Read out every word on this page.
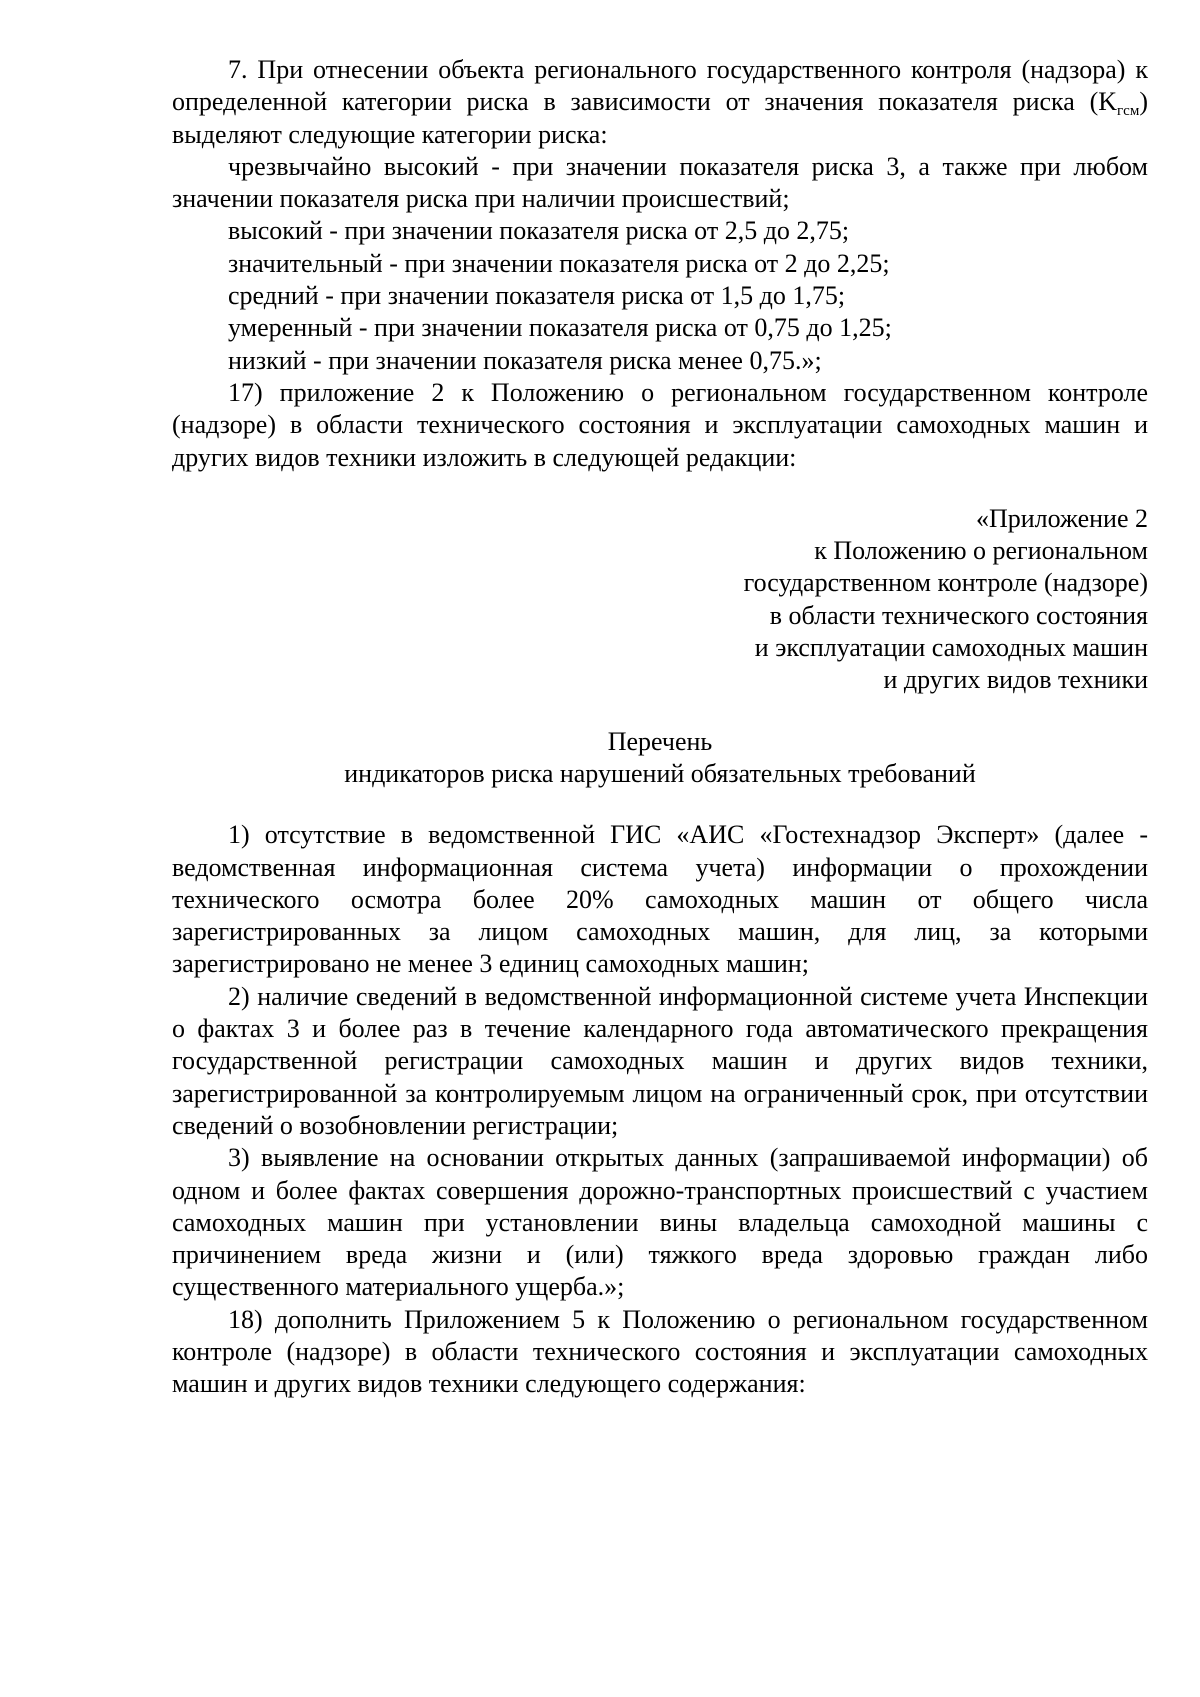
7. При отнесении объекта регионального государственного контроля (надзора) к определенной категории риска в зависимости от значения показателя риска $(K_{гсм})$ выделяют следующие категории риска:

чрезвычайно высокий - при значении показателя риска 3, а также при любом значении показателя риска при наличии происшествий;

высокий - при значении показателя риска от 2,5 до 2,75;

значительный - при значении показателя риска от 2 до 2,25;

средний - при значении показателя риска от 1,5 до 1,75;

умеренный - при значении показателя риска от 0,75 до 1,25;

низкий - при значении показателя риска менее 0,75.»;

17) приложение 2 к Положению о региональном государственном контроле (надзоре) в области технического состояния и эксплуатации самоходных машин и других видов техники изложить в следующей редакции:

«Приложение 2
к Положению о региональном
государственном контроле (надзоре)
в области технического состояния
и эксплуатации самоходных машин
и других видов техники
Перечень
индикаторов риска нарушений обязательных требований

1) отсутствие в ведомственной ГИС «АИС «Гостехнадзор Эксперт» (далее - ведомственная информационная система учета) информации о прохождении технического осмотра более 20% самоходных машин от общего числа зарегистрированных за лицом самоходных машин, для лиц, за которыми зарегистрировано не менее 3 единиц самоходных машин;

2) наличие сведений в ведомственной информационной системе учета Инспекции о фактах 3 и более раз в течение календарного года автоматического прекращения государственной регистрации самоходных машин и других видов техники, зарегистрированной за контролируемым лицом на ограниченный срок, при отсутствии сведений о возобновлении регистрации;

3) выявление на основании открытых данных (запрашиваемой информации) об одном и более фактах совершения дорожно-транспортных происшествий с участием самоходных машин при установлении вины владельца самоходной машины с причинением вреда жизни и (или) тяжкого вреда здоровью граждан либо существенного материального ущерба.»;

18) дополнить Приложением 5 к Положению о региональном государственном контроле (надзоре) в области технического состояния и эксплуатации самоходных машин и других видов техники следующего содержания:
